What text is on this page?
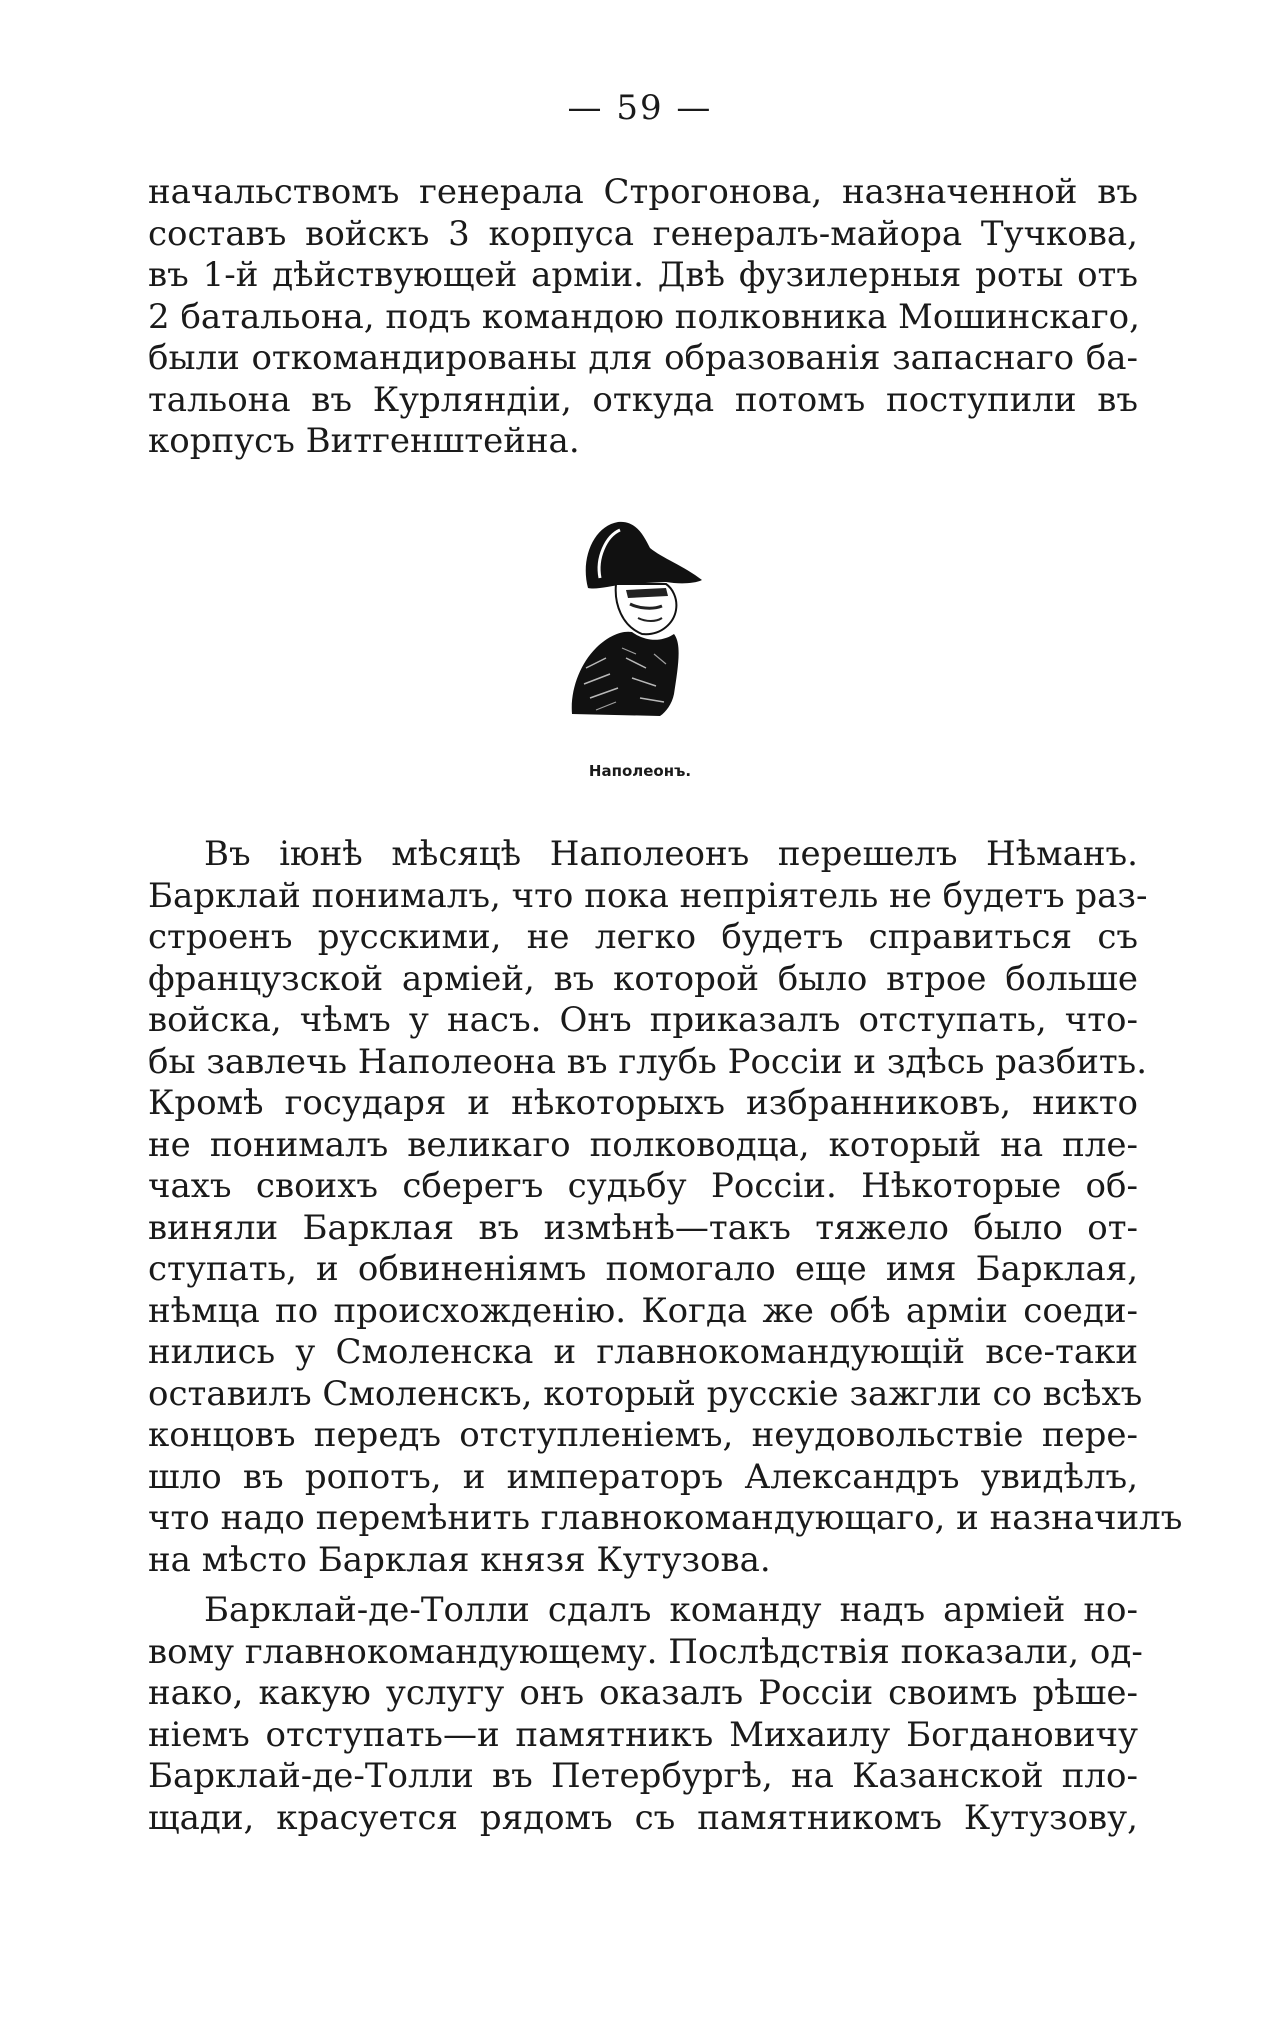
— 59 —
начальствомъ генерала Строгонова, назначенной въ
составъ войскъ 3 корпуса генералъ-майора Тучкова,
въ 1-й дѣйствующей арміи. Двѣ фузилерныя роты отъ
2 батальона, подъ командою полковника Мошинскаго,
были откомандированы для образованія запаснаго ба-
тальона въ Курляндіи, откуда потомъ поступили въ
корпусъ Витгенштейна.
Наполеонъ.
Въ іюнѣ мѣсяцѣ Наполеонъ перешелъ Нѣманъ.
Барклай понималъ, что пока непріятель не будетъ раз-
строенъ русскими, не легко будетъ справиться съ
французской арміей, въ которой было втрое больше
войска, чѣмъ у насъ. Онъ приказалъ отступать, что-
бы завлечь Наполеона въ глубь Россіи и здѣсь разбить.
Кромѣ государя и нѣкоторыхъ избранниковъ, никто
не понималъ великаго полководца, который на пле-
чахъ своихъ сберегъ судьбу Россіи. Нѣкоторые об-
виняли Барклая въ измѣнѣ—такъ тяжело было от-
ступать, и обвиненіямъ помогало еще имя Барклая,
нѣмца по происхожденію. Когда же обѣ арміи соеди-
нились у Смоленска и главнокомандующій все-таки
оставилъ Смоленскъ, который русскіе зажгли со всѣхъ
концовъ передъ отступленіемъ, неудовольствіе пере-
шло въ ропотъ, и императоръ Александръ увидѣлъ,
что надо перемѣнить главнокомандующаго, и назначилъ
на мѣсто Барклая князя Кутузова.
Барклай-де-Толли сдалъ команду надъ арміей но-
вому главнокомандующему. Послѣдствія показали, од-
нако, какую услугу онъ оказалъ Россіи своимъ рѣше-
ніемъ отступать—и памятникъ Михаилу Богдановичу
Барклай-де-Толли въ Петербургѣ, на Казанской пло-
щади, красуется рядомъ съ памятникомъ Кутузову,
